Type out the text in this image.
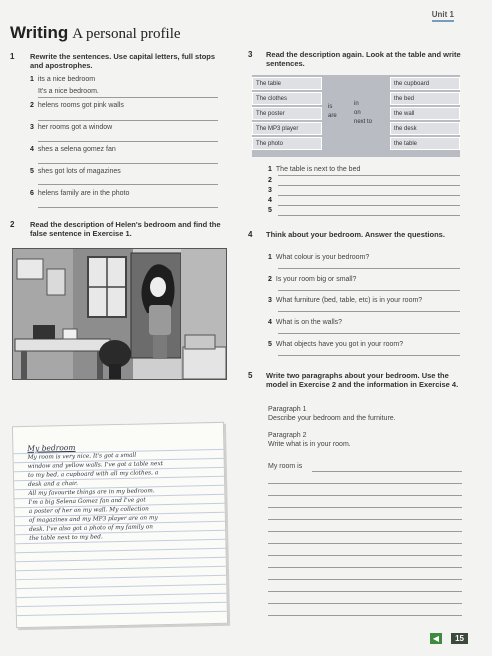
Unit 1
Writing A personal profile
1 Rewrite the sentences. Use capital letters, full stops and apostrophes.
1 its a nice bedroom
It's a nice bedroom.
2 helens rooms got pink walls
3 her rooms got a window
4 shes a selena gomez fan
5 shes got lots of magazines
6 helens family are in the photo
2 Read the description of Helen's bedroom and find the false sentence in Exercise 1.
My bedroom
My room is very nice. It's got a small
window and yellow walls. I've got a table next
to my bed, a cupboard with all my clothes, a
desk and a chair.
All my favourite things are in my bedroom.
I'm a big Selena Gomez fan and I've got
a poster of her on my wall. My collection
of magazines and my MP3 player are on my
desk. I've also got a photo of my family on
the table next to my bed.
3 Read the description again. Look at the table and write sentences.
The table
The clothes
The poster
The MP3 player
The photo
is
are
in
on
next to
the cupboard
the bed
the wall
the desk
the table
1 The table is next to the bed
2
3
4
5
4 Think about your bedroom. Answer the questions.
1 What colour is your bedroom?
2 Is your room big or small?
3 What furniture (bed, table, etc) is in your room?
4 What is on the walls?
5 What objects have you got in your room?
5 Write two paragraphs about your bedroom. Use the model in Exercise 2 and the information in Exercise 4.
Paragraph 1
Describe your bedroom and the furniture.
Paragraph 2
Write what is in your room.
My room is
◀	15
